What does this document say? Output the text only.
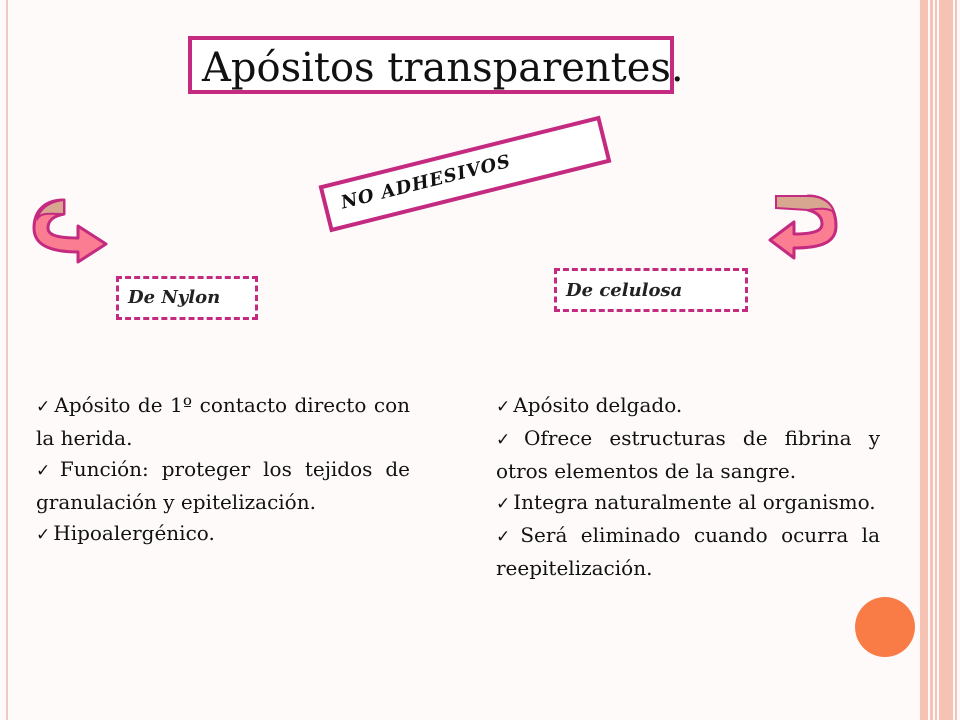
Apósitos transparentes.
NO ADHESIVOS
De Nylon	De celulosa
✓ Apósito de 1º contacto directo con la herida.
✓ Función: proteger los tejidos de granulación y epitelización.
✓ Hipoalergénico.
✓ Apósito delgado.
✓ Ofrece estructuras de fibrina y otros elementos de la sangre.
✓ Integra naturalmente al organismo.
✓ Será eliminado cuando ocurra la reepitelización.
